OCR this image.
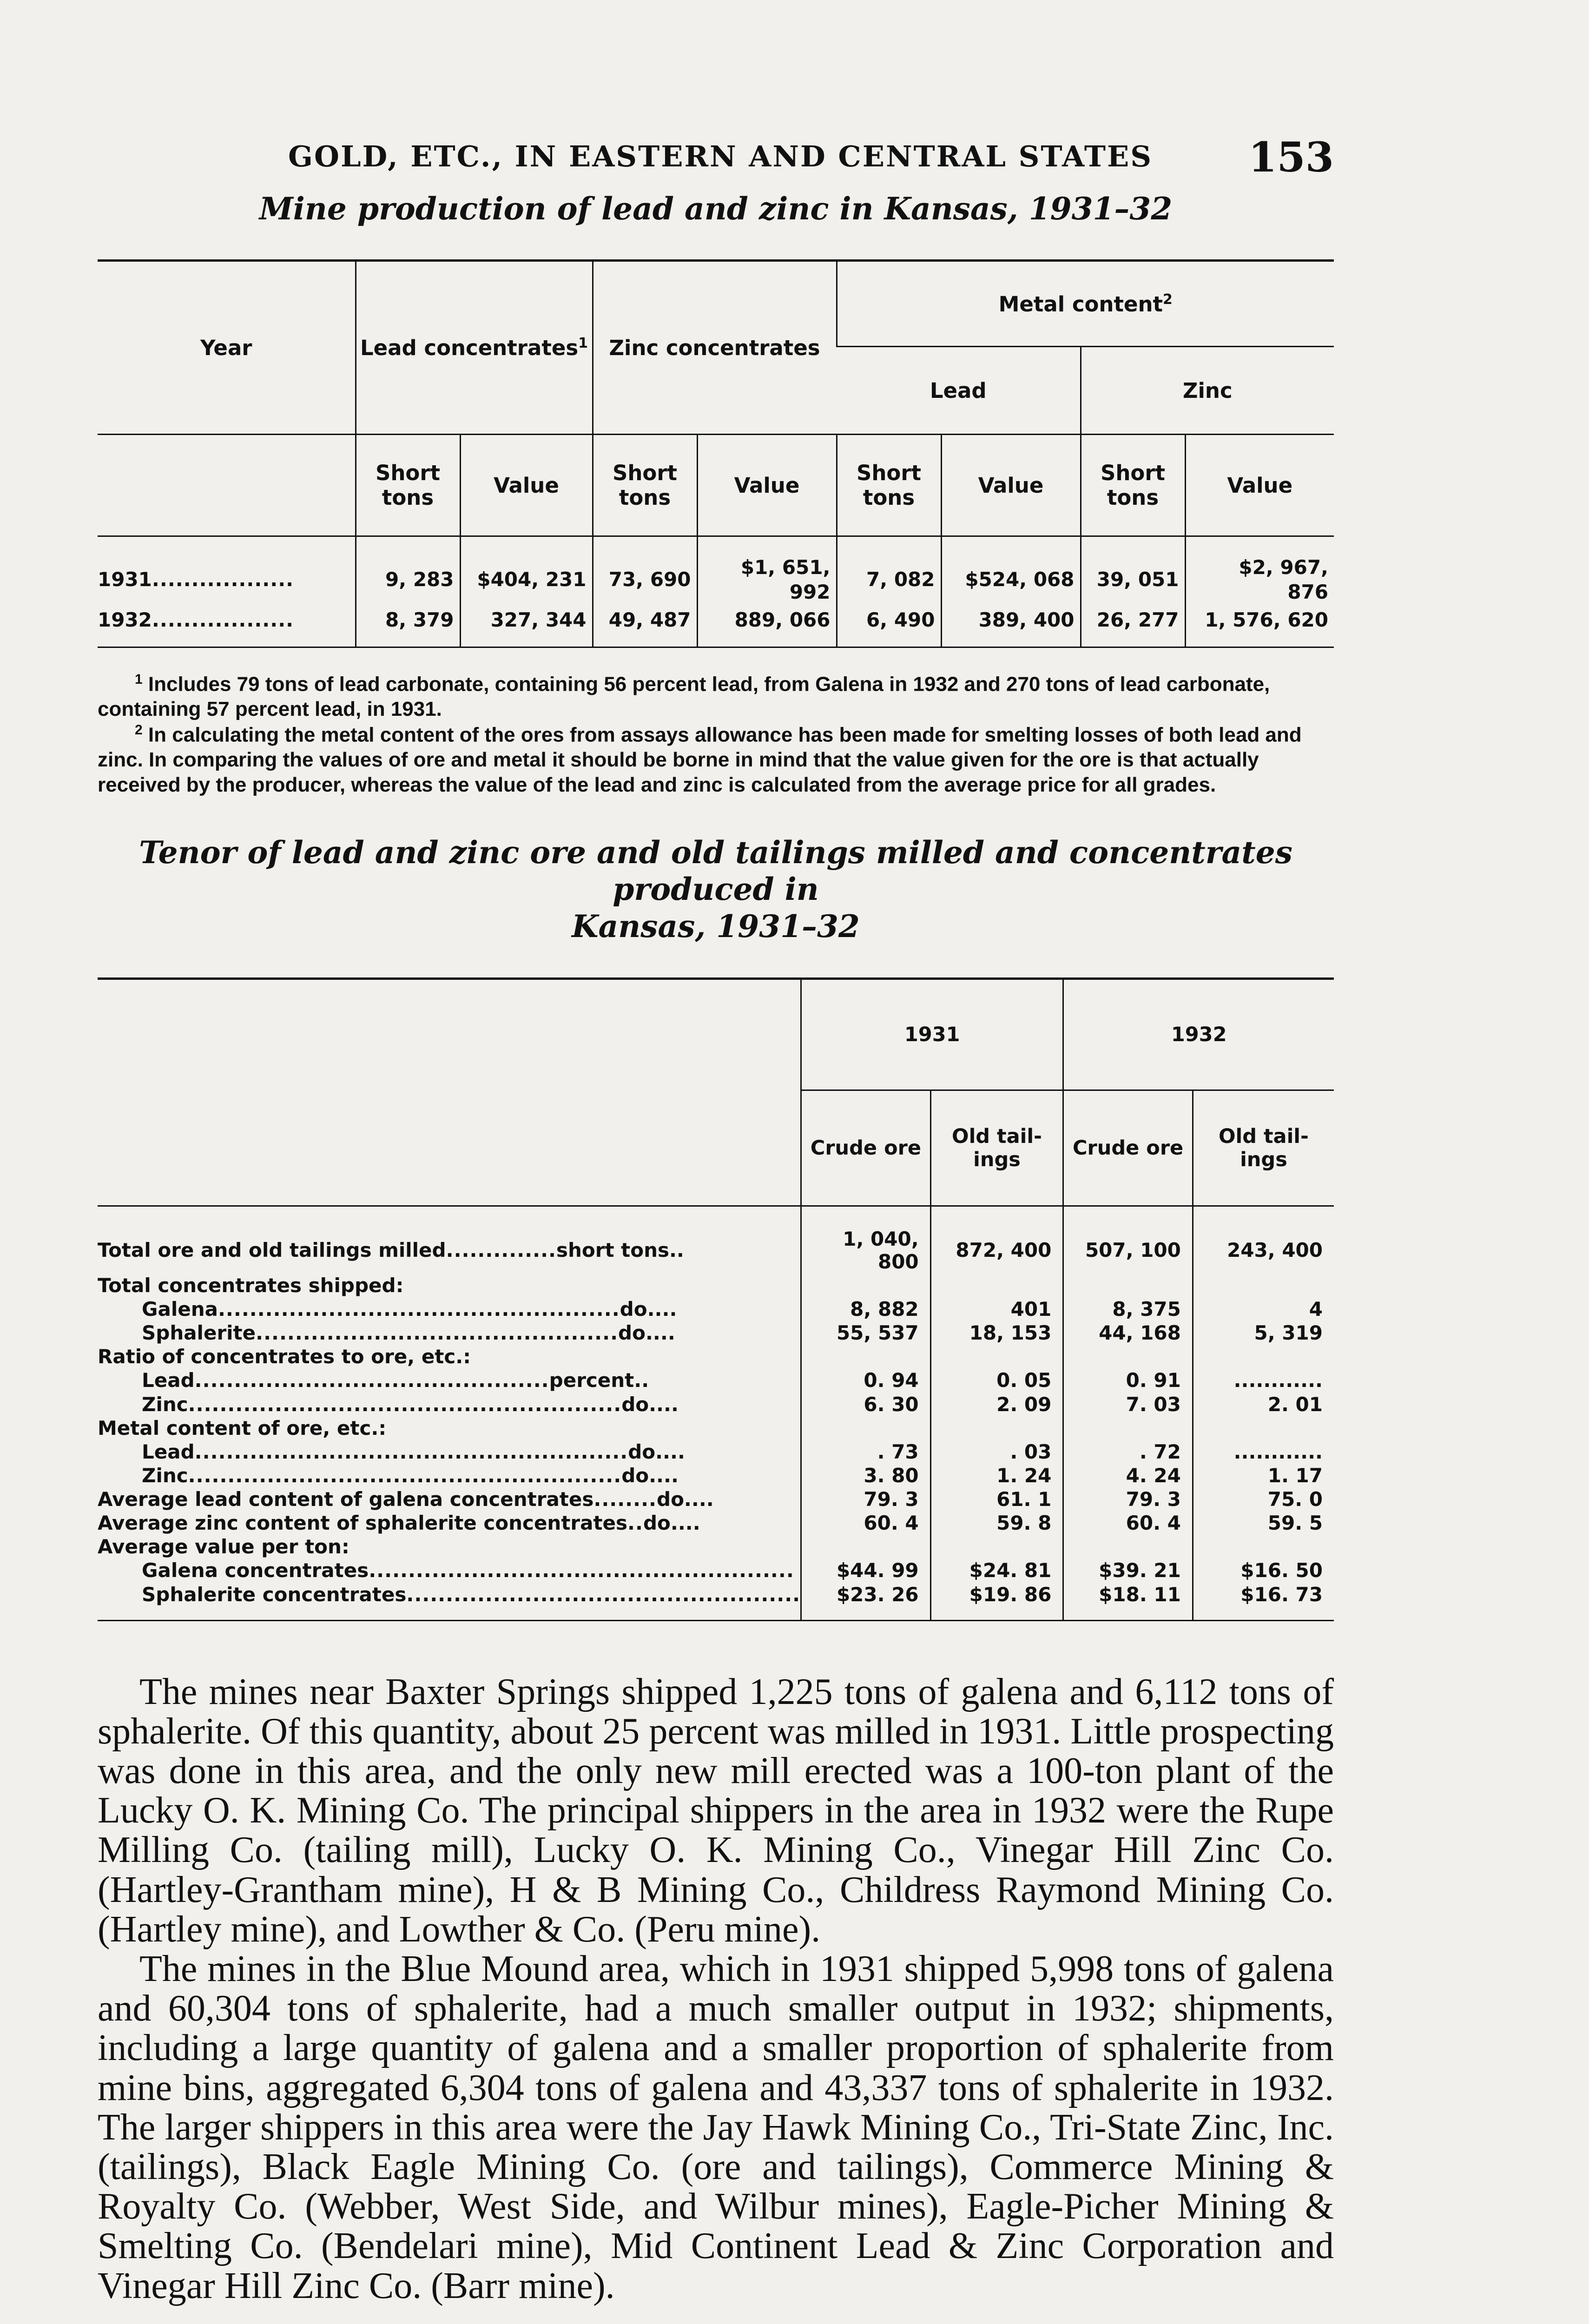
GOLD, ETC., IN EASTERN AND CENTRAL STATES 153
Mine production of lead and zinc in Kansas, 1931–32
Year	Lead concentrates$^1$		Zinc concentrates		Metal content$^2$
					Lead		Zinc	
	Short tons	Value	Short tons	Value	Short tons	Value	Short tons	Value
1931..................	9, 283	$404, 231	73, 690	$1, 651, 992	7, 082	$524, 068	39, 051	$2, 967, 876
1932..................	8, 379	327, 344	49, 487	889, 066	6, 490	389, 400	26, 277	1, 576, 620

$^1$ Includes 79 tons of lead carbonate, containing 56 percent lead, from Galena in 1932 and 270 tons of lead carbonate, containing 57 percent lead, in 1931.

$^2$ In calculating the metal content of the ores from assays allowance has been made for smelting losses of both lead and zinc. In comparing the values of ore and metal it should be borne in mind that the value given for the ore is that actually received by the producer, whereas the value of the lead and zinc is calculated from the average price for all grades.

Tenor of lead and zinc ore and old tailings milled and concentrates produced in
Kansas, 1931–32
	1931		1932	
	Crude ore	Old tail-ings	Crude ore	Old tail-ings
Total ore and old tailings milled..............short tons..	1, 040, 800	872, 400	507, 100	243, 400
Total concentrates shipped:				
Galena...................................................do....	8, 882	401	8, 375	4
Sphalerite..............................................do....	55, 537	18, 153	44, 168	5, 319
Ratio of concentrates to ore, etc.:				
Lead.............................................percent..	0. 94	0. 05	0. 91	............
Zinc.......................................................do....	6. 30	2. 09	7. 03	2. 01
Metal content of ore, etc.:				
Lead.......................................................do....	. 73	. 03	. 72	............
Zinc.......................................................do....	3. 80	1. 24	4. 24	1. 17
Average lead content of galena concentrates........do....	79. 3	61. 1	79. 3	75. 0
Average zinc content of sphalerite concentrates..do....	60. 4	59. 8	60. 4	59. 5
Average value per ton:				
Galena concentrates......................................................	$44. 99	$24. 81	$39. 21	$16. 50
Sphalerite concentrates..................................................	$23. 26	$19. 86	$18. 11	$16. 73

The mines near Baxter Springs shipped 1,225 tons of galena and 6,112 tons of sphalerite. Of this quantity, about 25 percent was milled in 1931. Little prospecting was done in this area, and the only new mill erected was a 100-ton plant of the Lucky O. K. Mining Co. The principal shippers in the area in 1932 were the Rupe Milling Co. (tailing mill), Lucky O. K. Mining Co., Vinegar Hill Zinc Co. (Hartley-Grantham mine), H & B Mining Co., Childress Raymond Mining Co. (Hartley mine), and Lowther & Co. (Peru mine).

The mines in the Blue Mound area, which in 1931 shipped 5,998 tons of galena and 60,304 tons of sphalerite, had a much smaller output in 1932; shipments, including a large quantity of galena and a smaller proportion of sphalerite from mine bins, aggregated 6,304 tons of galena and 43,337 tons of sphalerite in 1932. The larger shippers in this area were the Jay Hawk Mining Co., Tri-State Zinc, Inc. (tailings), Black Eagle Mining Co. (ore and tailings), Commerce Mining & Royalty Co. (Webber, West Side, and Wilbur mines), Eagle-Picher Mining & Smelting Co. (Bendelari mine), Mid Continent Lead & Zinc Corporation and Vinegar Hill Zinc Co. (Barr mine).
